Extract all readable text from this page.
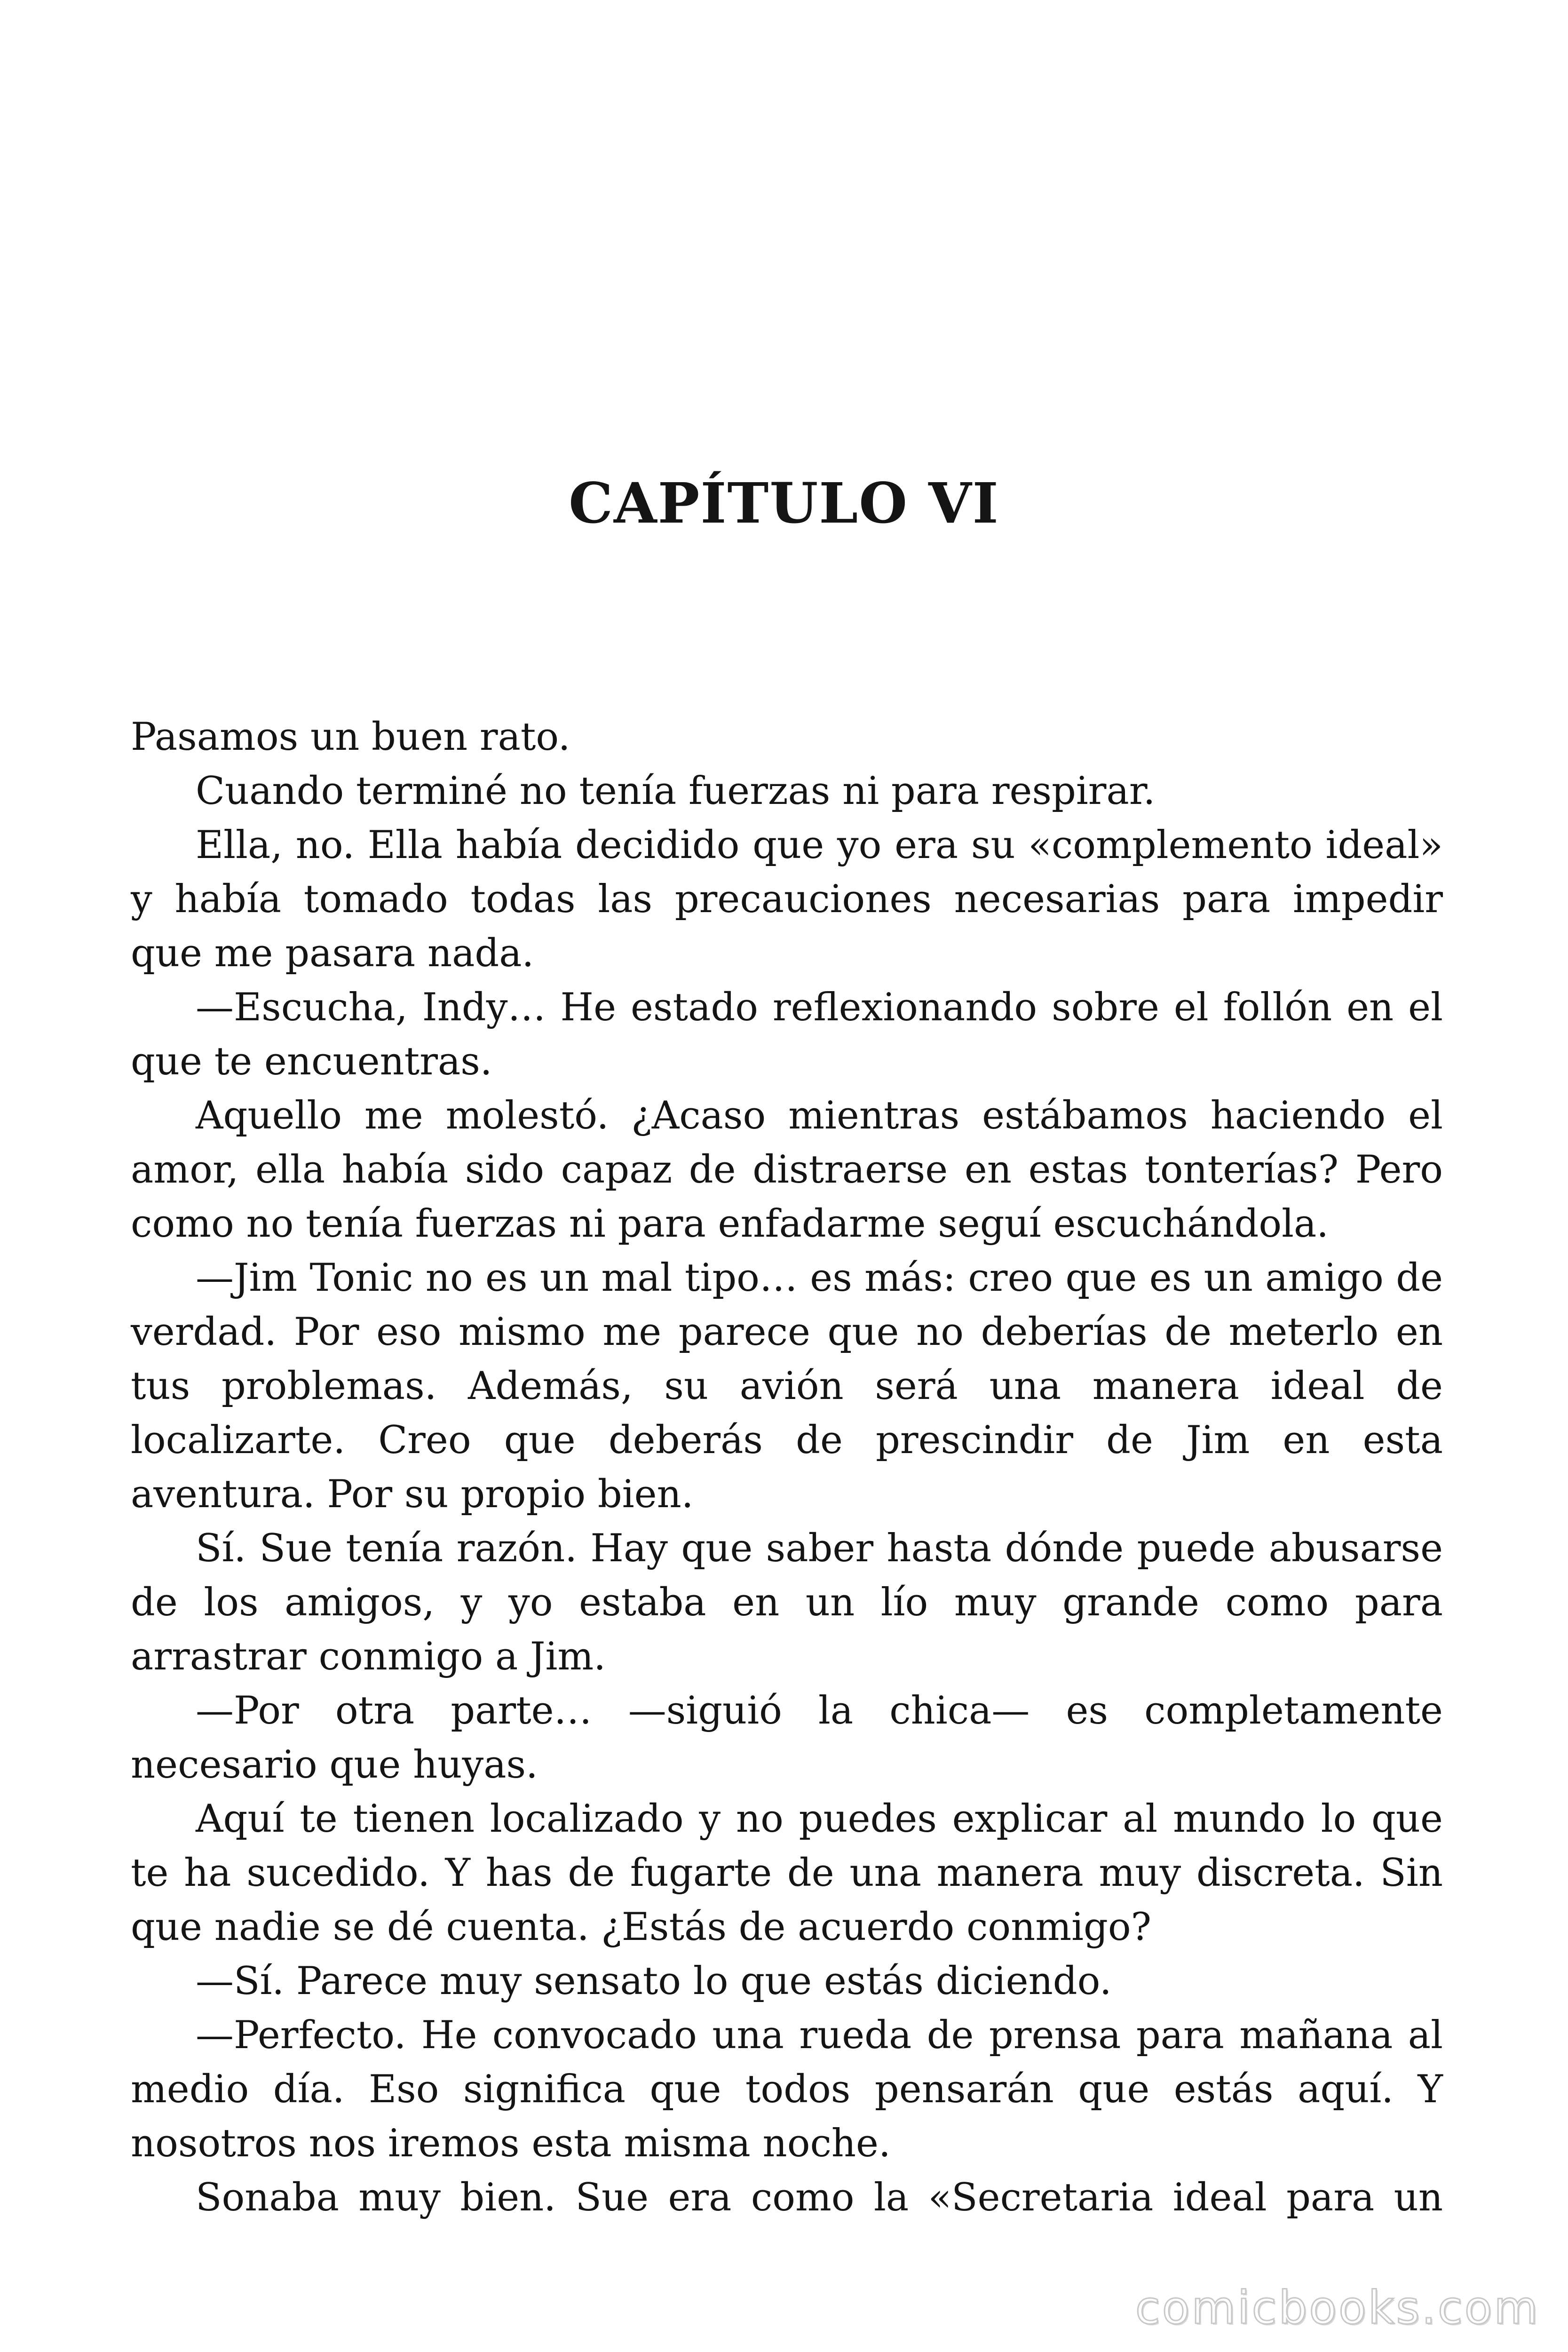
CAPÍTULO VI

Pasamos un buen rato.

Cuando terminé no tenía fuerzas ni para respirar.

Ella, no. Ella había decidido que yo era su «complemento ideal» y había tomado todas las precauciones necesarias para impedir que me pasara nada.

—Escucha, Indy… He estado reflexionando sobre el follón en el que te encuentras.

Aquello me molestó. ¿Acaso mientras estábamos haciendo el amor, ella había sido capaz de distraerse en estas tonterías? Pero como no tenía fuerzas ni para enfadarme seguí escuchándola.

—Jim Tonic no es un mal tipo… es más: creo que es un amigo de verdad. Por eso mismo me parece que no deberías de meterlo en tus problemas. Además, su avión será una manera ideal de localizarte. Creo que deberás de prescindir de Jim en esta aventura. Por su propio bien.

Sí. Sue tenía razón. Hay que saber hasta dónde puede abusarse de los amigos, y yo estaba en un lío muy grande como para arrastrar conmigo a Jim.

—Por otra parte… —siguió la chica— es completamente necesario que huyas.

Aquí te tienen localizado y no puedes explicar al mundo lo que te ha sucedido. Y has de fugarte de una manera muy discreta. Sin que nadie se dé cuenta. ¿Estás de acuerdo conmigo?

—Sí. Parece muy sensato lo que estás diciendo.

—Perfecto. He convocado una rueda de prensa para mañana al medio día. Eso significa que todos pensarán que estás aquí. Y nosotros nos iremos esta misma noche.

Sonaba muy bien. Sue era como la «Secretaria ideal para un

comicbooks.com
